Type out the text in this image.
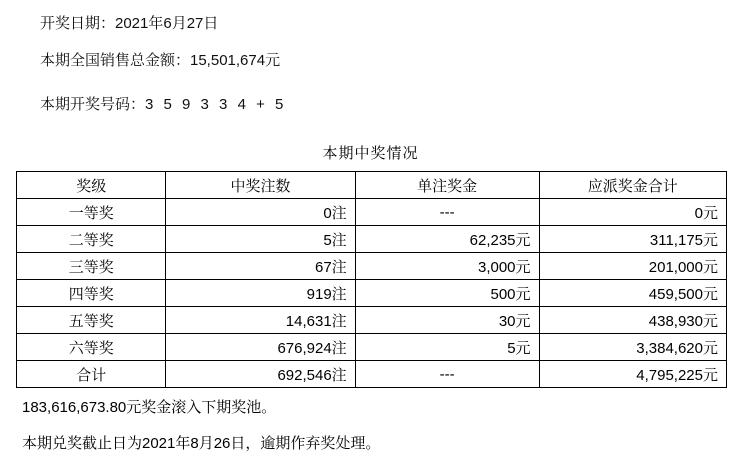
开奖日期：2021年6月27日
本期全国销售总金额：15,501,674元
本期开奖号码：3 5 9 3 3 4 + 5
本期中奖情况
奖级	中奖注数	单注奖金	应派奖金合计
一等奖	0注	---	0元
二等奖	5注	62,235元	311,175元
三等奖	67注	3,000元	201,000元
四等奖	919注	500元	459,500元
五等奖	14,631注	30元	438,930元
六等奖	676,924注	5元	3,384,620元
合计	692,546注	---	4,795,225元
183,616,673.80元奖金滚入下期奖池。
本期兑奖截止日为2021年8月26日，逾期作弃奖处理。
